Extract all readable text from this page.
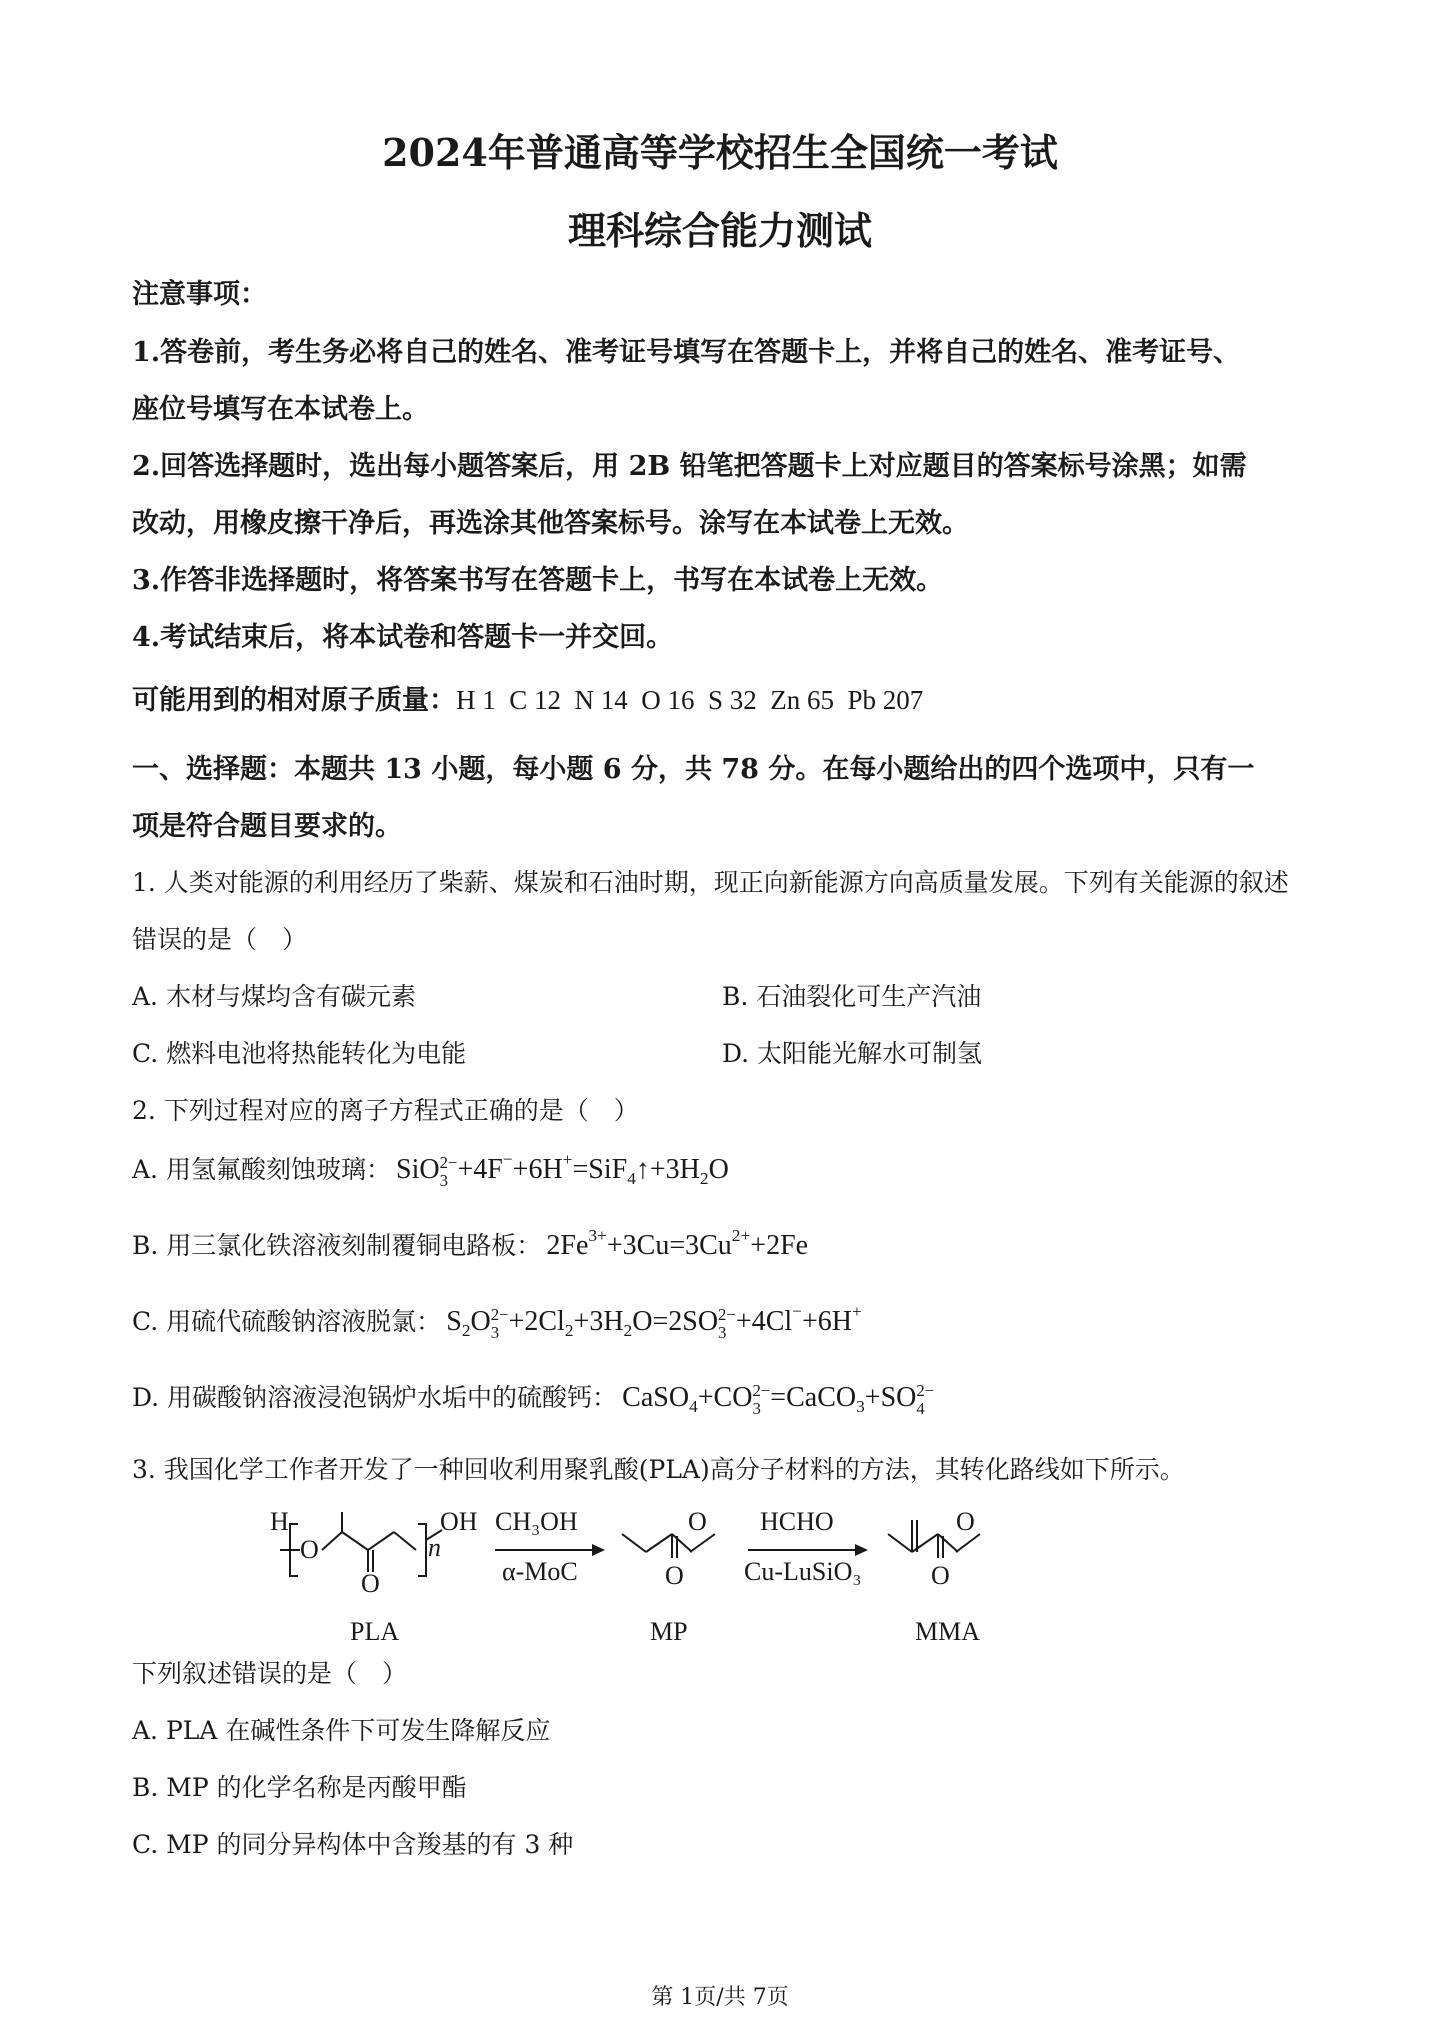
2024年普通高等学校招生全国统一考试
理科综合能力测试
注意事项：
1.答卷前，考生务必将自己的姓名、准考证号填写在答题卡上，并将自己的姓名、准考证号、
座位号填写在本试卷上。
2.回答选择题时，选出每小题答案后，用 2B 铅笔把答题卡上对应题目的答案标号涂黑；如需
改动，用橡皮擦干净后，再选涂其他答案标号。涂写在本试卷上无效。
3.作答非选择题时，将答案书写在答题卡上，书写在本试卷上无效。
4.考试结束后，将本试卷和答题卡一并交回。
可能用到的相对原子质量：H 1  C 12  N 14  O 16  S 32  Zn 65  Pb 207
一、选择题：本题共 13 小题，每小题 6 分，共 78 分。在每小题给出的四个选项中，只有一
项是符合题目要求的。
1. 人类对能源的利用经历了柴薪、煤炭和石油时期，现正向新能源方向高质量发展。下列有关能源的叙述
错误的是（　）
A. 木材与煤均含有碳元素	B. 石油裂化可生产汽油
C. 燃料电池将热能转化为电能	D. 太阳能光解水可制氢
2. 下列过程对应的离子方程式正确的是（　）
A. 用氢氟酸刻蚀玻璃： SiO 2−
$3 +4F^-+6H^+=SiF_4↑+3H_2O$
B. 用三氯化铁溶液刻制覆铜电路板： $2Fe^{3+}+3Cu=3Cu^{2+}+2Fe$
C. 用硫代硫酸钠溶液脱氯： $S_2O$ 2−
$3 +2Cl_2+3H_2O=2SO$ 2−
3 +4Cl−+6H+
D. 用碳酸钠溶液浸泡锅炉水垢中的硫酸钙： CaSO$_4$+CO 2−
3 =CaCO$_3$+SO 2−
4
3. 我国化学工作者开发了一种回收利用聚乳酸(PLA)高分子材料的方法，其转化路线如下所示。
H
O
O
n
OH
O
O
O
O
CH₃OH
α-MoC
HCHO
Cu-LuSiO₃
PLA	MP	MMA
下列叙述错误的是（　）
A. PLA 在碱性条件下可发生降解反应
B. MP 的化学名称是丙酸甲酯
C. MP 的同分异构体中含羧基的有 3 种
第 1页/共 7页
